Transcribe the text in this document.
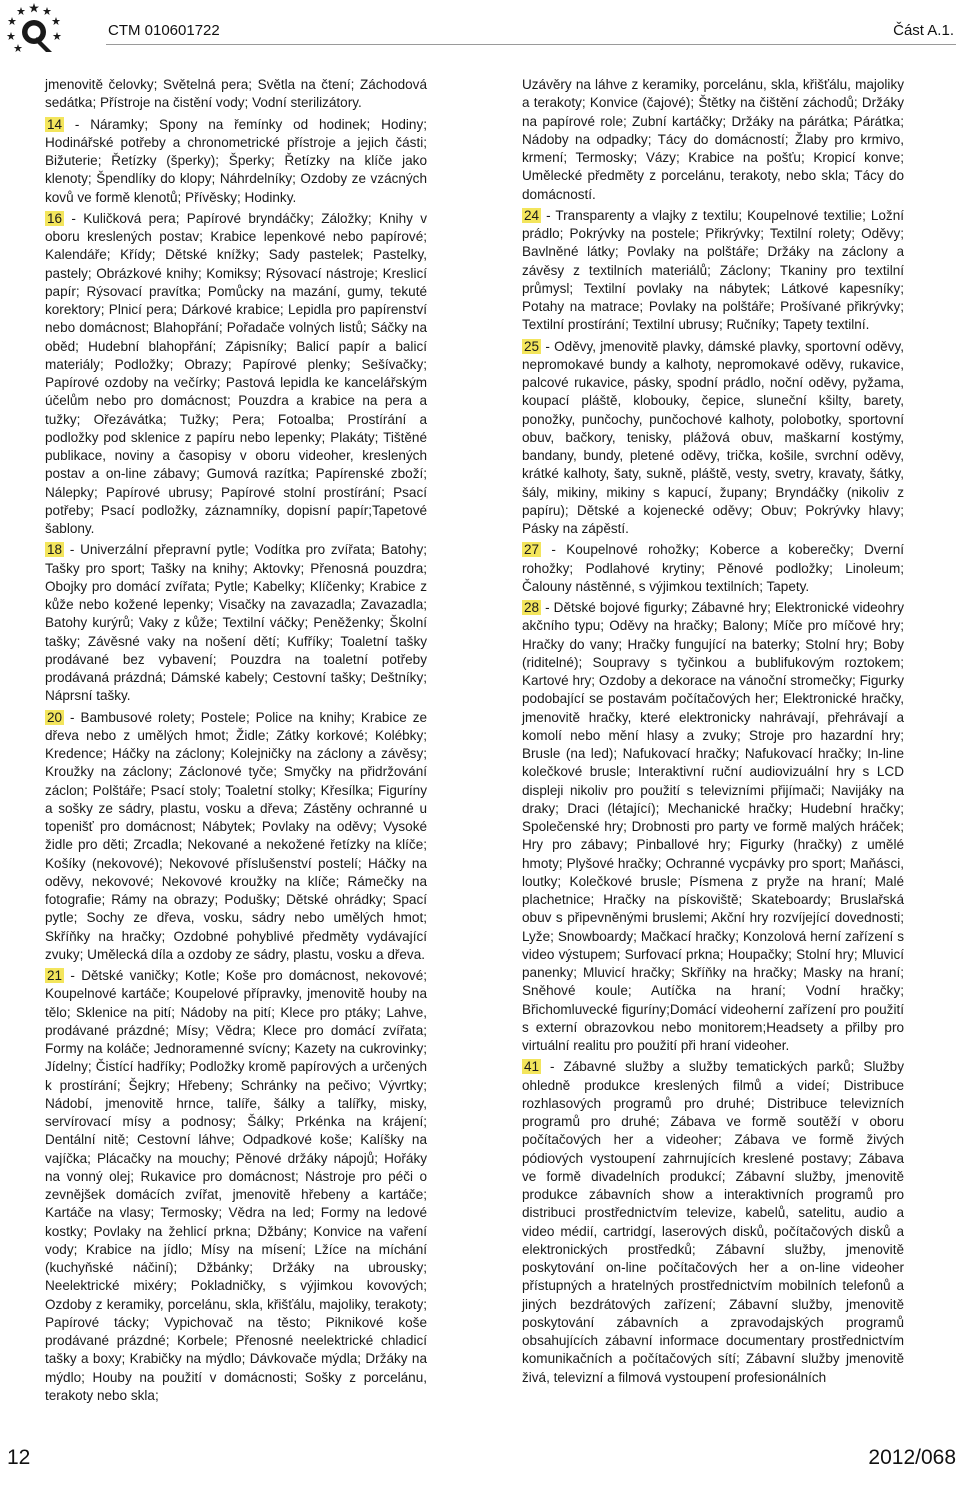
CTM 010601722	Část A.1.

jmenovitě čelovky; Světelná pera; Světla na čtení; Záchodová sedátka; Přístroje na čistění vody; Vodní sterilizátory.

14 - Náramky; Spony na řemínky od hodinek; Hodiny; Hodinářské potřeby a chronometrické přístroje a jejich části; Bižuterie; Řetízky (šperky); Šperky; Řetízky na klíče jako klenoty; Špendlíky do klopy; Náhrdelníky; Ozdoby ze vzácných kovů ve formě klenotů; Přívěsky; Hodinky.

16 - Kuličková pera; Papírové bryndáčky; Záložky; Knihy v oboru kreslených postav; Krabice lepenkové nebo papírové; Kalendáře; Křídy; Dětské knížky; Sady pastelek; Pastelky, pastely; Obrázkové knihy; Komiksy; Rýsovací nástroje; Kreslicí papír; Rýsovací pravítka; Pomůcky na mazání, gumy, tekuté korektory; Plnicí pera; Dárkové krabice; Lepidla pro papírenství nebo domácnost; Blahopřání; Pořadače volných listů; Sáčky na oběd; Hudební blahopřání; Zápisníky; Balicí papír a balicí materiály; Podložky; Obrazy; Papírové plenky; Sešívačky; Papírové ozdoby na večírky; Pastová lepidla ke kancelářským účelům nebo pro domácnost; Pouzdra a krabice na pera a tužky; Ořezávátka; Tužky; Pera; Fotoalba; Prostírání a podložky pod sklenice z papíru nebo lepenky; Plakáty; Tištěné publikace, noviny a časopisy v oboru videoher, kreslených postav a on-line zábavy; Gumová razítka; Papírenské zboží; Nálepky; Papírové ubrusy; Papírové stolní prostírání; Psací potřeby; Psací podložky, záznamníky, dopisní papír;Tapetové šablony.

18 - Univerzální přepravní pytle; Vodítka pro zvířata; Batohy; Tašky pro sport; Tašky na knihy; Aktovky; Přenosná pouzdra; Obojky pro domácí zvířata; Pytle; Kabelky; Klíčenky; Krabice z kůže nebo kožené lepenky; Visačky na zavazadla; Zavazadla; Batohy kurýrů; Vaky z kůže; Textilní váčky; Peněženky; Školní tašky; Závěsné vaky na nošení dětí; Kufříky; Toaletní tašky prodávané bez vybavení; Pouzdra na toaletní potřeby prodávaná prázdná; Dámské kabely; Cestovní tašky; Deštníky; Náprsní tašky.

20 - Bambusové rolety; Postele; Police na knihy; Krabice ze dřeva nebo z umělých hmot; Židle; Zátky korkové; Kolébky; Kredence; Háčky na záclony; Kolejničky na záclony a závěsy; Kroužky na záclony; Záclonové tyče; Smyčky na přidržování záclon; Polštáře; Psací stoly; Toaletní stolky; Křesílka; Figuríny a sošky ze sádry, plastu, vosku a dřeva; Zástěny ochranné u topenišť pro domácnost; Nábytek; Povlaky na oděvy; Vysoké židle pro děti; Zrcadla; Nekované a nekožené řetízky na klíče; Košíky (nekovové); Nekovové příslušenství postelí; Háčky na oděvy, nekovové; Nekovové kroužky na klíče; Rámečky na fotografie; Rámy na obrazy; Podušky; Dětské ohrádky; Spací pytle; Sochy ze dřeva, vosku, sádry nebo umělých hmot; Skříňky na hračky; Ozdobné pohyblivé předměty vydávající zvuky; Umělecká díla a ozdoby ze sádry, plastu, vosku a dřeva.

21 - Dětské vaničky; Kotle; Koše pro domácnost, nekovové; Koupelnové kartáče; Koupelové přípravky, jmenovitě houby na tělo; Sklenice na pití; Nádoby na pití; Klece pro ptáky; Lahve, prodávané prázdné; Mísy; Vědra; Klece pro domácí zvířata; Formy na koláče; Jednoramenné svícny; Kazety na cukrovinky; Jídelny; Čistící hadříky; Podložky kromě papírových a určených k prostírání; Šejkry; Hřebeny; Schránky na pečivo; Vývrtky; Nádobí, jmenovitě hrnce, talíře, šálky a talířky, misky, servírovací mísy a podnosy; Šálky; Prkénka na krájení; Dentální nitě; Cestovní láhve; Odpadkové koše; Kalíšky na vajíčka; Plácačky na mouchy; Pěnové držáky nápojů; Hořáky na vonný olej; Rukavice pro domácnost; Nástroje pro péči o zevnějšek domácích zvířat, jmenovitě hřebeny a kartáče; Kartáče na vlasy; Termosky; Vědra na led; Formy na ledové kostky; Povlaky na žehlicí prkna; Džbány; Konvice na vaření vody; Krabice na jídlo; Mísy na mísení; Lžíce na míchání (kuchyňské náčiní); Džbánky; Držáky na ubrousky; Neelektrické mixéry; Pokladničky, s výjimkou kovových; Ozdoby z keramiky, porcelánu, skla, křišťálu, majoliky, terakoty; Papírové tácky; Vypichovač na těsto; Piknikové koše prodávané prázdné; Korbele; Přenosné neelektrické chladicí tašky a boxy; Krabičky na mýdlo; Dávkovače mýdla; Držáky na mýdlo; Houby na použití v domácnosti; Sošky z porcelánu, terakoty nebo skla;

Uzávěry na láhve z keramiky, porcelánu, skla, křišťálu, majoliky a terakoty; Konvice (čajové); Štětky na čištění záchodů; Držáky na papírové role; Zubní kartáčky; Držáky na párátka; Párátka; Nádoby na odpadky; Tácy do domácností; Žlaby pro krmivo, krmení; Termosky; Vázy; Krabice na pošťu; Kropicí konve; Umělecké předměty z porcelánu, terakoty, nebo skla; Tácy do domácností.

24 - Transparenty a vlajky z textilu; Koupelnové textilie; Ložní prádlo; Pokrývky na postele; Přikrývky; Textilní rolety; Oděvy; Bavlněné látky; Povlaky na polštáře; Držáky na záclony a závěsy z textilních materiálů; Záclony; Tkaniny pro textilní průmysl; Textilní povlaky na nábytek; Látkové kapesníky; Potahy na matrace; Povlaky na polštáře; Prošívané přikrývky; Textilní prostírání; Textilní ubrusy; Ručníky; Tapety textilní.

25 - Oděvy, jmenovitě plavky, dámské plavky, sportovní oděvy, nepromokavé bundy a kalhoty, nepromokavé oděvy, rukavice, palcové rukavice, pásky, spodní prádlo, noční oděvy, pyžama, koupací pláště, klobouky, čepice, sluneční kšilty, barety, ponožky, punčochy, punčochové kalhoty, polobotky, sportovní obuv, bačkory, tenisky, plážová obuv, maškarní kostýmy, bandany, bundy, pletené oděvy, trička, košile, svrchní oděvy, krátké kalhoty, šaty, sukně, pláště, vesty, svetry, kravaty, šátky, šály, mikiny, mikiny s kapucí, župany; Bryndáčky (nikoliv z papíru); Dětské a kojenecké oděvy; Obuv; Pokrývky hlavy; Pásky na zápěstí.

27 - Koupelnové rohožky; Koberce a koberečky; Dverní rohožky; Podlahové krytiny; Pěnové podložky; Linoleum; Čalouny nástěnné, s výjimkou textilních; Tapety.

28 - Dětské bojové figurky; Zábavné hry; Elektronické videohry akčního typu; Oděvy na hračky; Balony; Míče pro míčové hry; Hračky do vany; Hračky fungující na baterky; Stolní hry; Boby (riditelné); Soupravy s tyčinkou a bublifukovým roztokem; Kartové hry; Ozdoby a dekorace na vánoční stromečky; Figurky podobající se postavám počítačových her; Elektronické hračky, jmenovitě hračky, které elektronicky nahrávají, přehrávají a komolí nebo mění hlasy a zvuky; Stroje pro hazardní hry; Brusle (na led); Nafukovací hračky; Nafukovací hračky; In-line kolečkové brusle; Interaktivní ruční audiovizuální hry s LCD displeji nikoliv pro použití s televizními přijímači; Navijáky na draky; Draci (létající); Mechanické hračky; Hudební hračky; Společenské hry; Drobnosti pro party ve formě malých hráček; Hry pro zábavy; Pinballové hry; Figurky (hračky) z umělé hmoty; Plyšové hračky; Ochranné vycpávky pro sport; Maňásci, loutky; Kolečkové brusle; Písmena z pryže na hraní; Malé plachetnice; Hračky na pískoviště; Skateboardy; Bruslařská obuv s připevněnými bruslemi; Akční hry rozvíjející dovednosti; Lyže; Snowboardy; Mačkací hračky; Konzolová herní zařízení s video výstupem; Surfovací prkna; Houpačky; Stolní hry; Mluvicí panenky; Mluvicí hračky; Skříňky na hračky; Masky na hraní; Sněhové koule; Autíčka na hraní; Vodní hračky; Břichomluvecké figuríny;Domácí videoherní zařízení pro použití s externí obrazovkou nebo monitorem;Headsety a přilby pro virtuální realitu pro použití při hraní videoher.

41 - Zábavné služby a služby tematických parků; Služby ohledně produkce kreslených filmů a videí; Distribuce rozhlasových programů pro druhé; Distribuce televizních programů pro druhé; Zábava ve formě soutěží v oboru počítačových her a videoher; Zábava ve formě živých pódiových vystoupení zahrnujících kreslené postavy; Zábava ve formě divadelních produkcí; Zábavní služby, jmenovitě produkce zábavních show a interaktivních programů pro distribuci prostřednictvím televize, kabelů, satelitu, audio a video médií, cartridgí, laserových disků, počítačových disků a elektronických prostředků; Zábavní služby, jmenovitě poskytování on-line počítačových her a on-line videoher přístupných a hratelných prostřednictvím mobilních telefonů a jiných bezdrátových zařízení; Zábavní služby, jmenovitě poskytování zábavních a zpravodajských programů obsahujících zábavní informace documentary prostřednictvím komunikačních a počítačových sítí; Zábavní služby jmenovitě živá, televizní a filmová vystoupení profesionálních

12	2012/068
